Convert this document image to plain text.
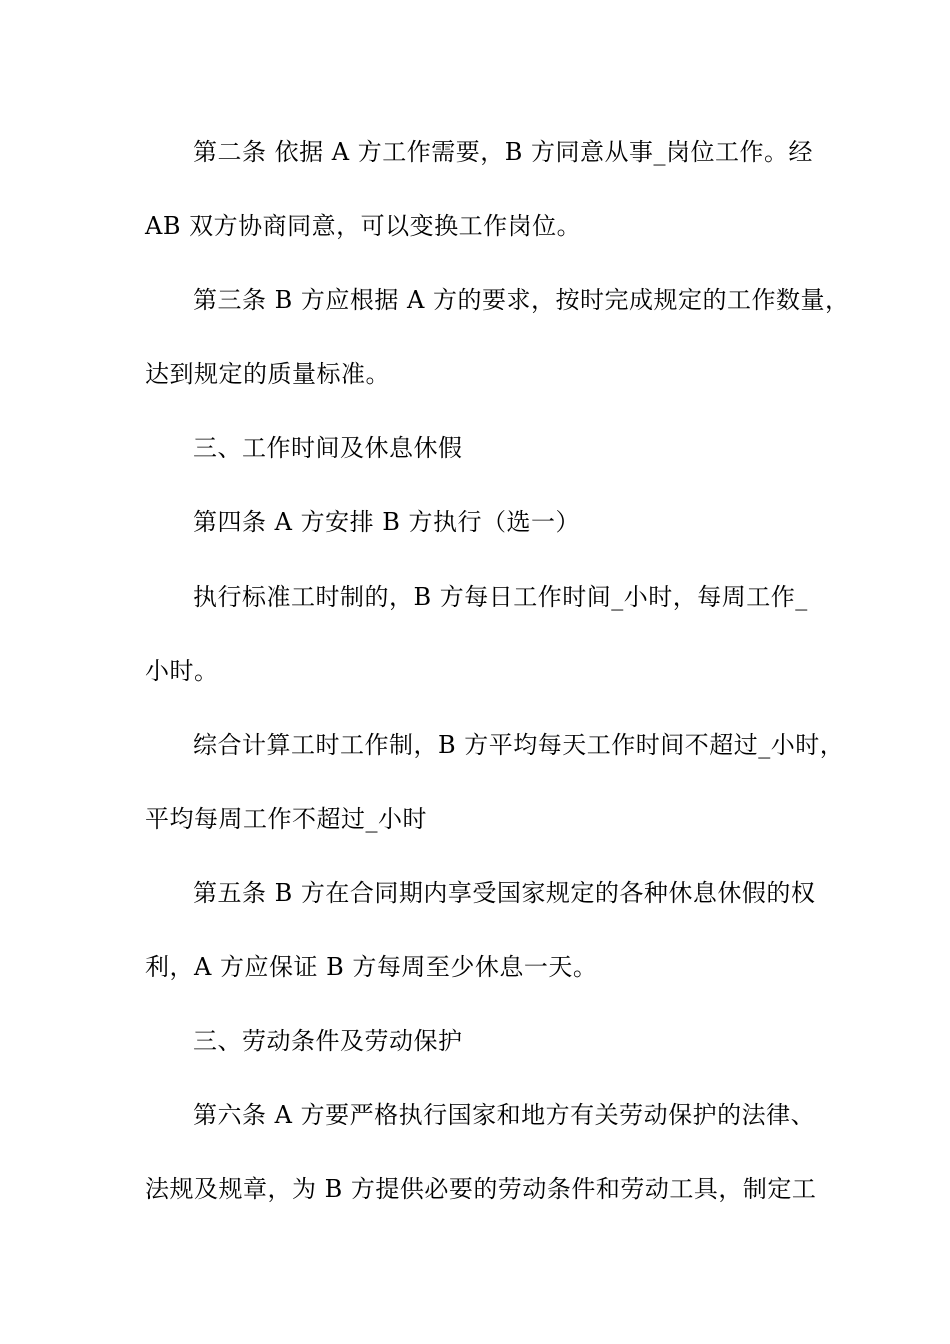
第二条 依据 A 方工作需要，B 方同意从事_岗位工作。经
AB 双方协商同意，可以变换工作岗位。
第三条 B 方应根据 A 方的要求，按时完成规定的工作数量，
达到规定的质量标准。
三、工作时间及休息休假
第四条 A 方安排 B 方执行（选一）
执行标准工时制的，B 方每日工作时间_小时，每周工作_
小时。
综合计算工时工作制，B 方平均每天工作时间不超过_小时，
平均每周工作不超过_小时
第五条 B 方在合同期内享受国家规定的各种休息休假的权
利，A 方应保证 B 方每周至少休息一天。
三、劳动条件及劳动保护
第六条 A 方要严格执行国家和地方有关劳动保护的法律、
法规及规章，为 B 方提供必要的劳动条件和劳动工具，制定工
